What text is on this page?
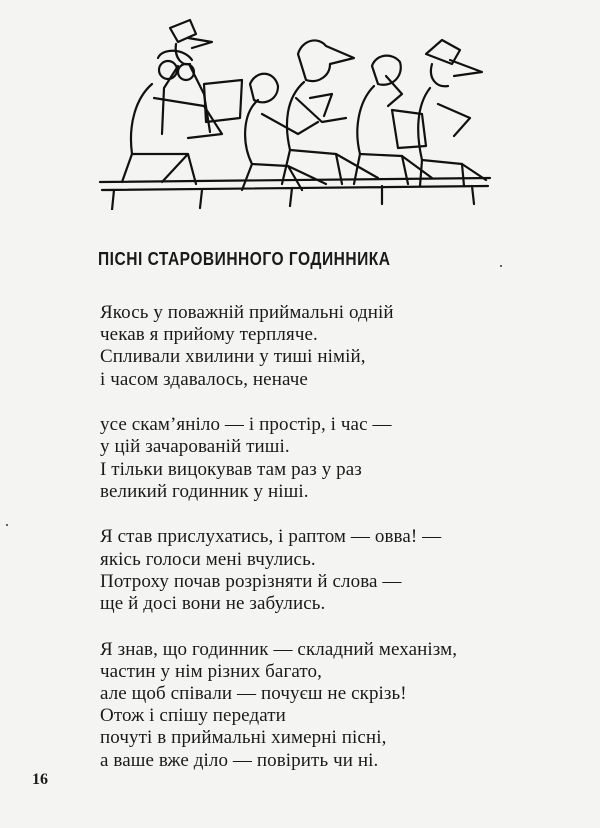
ПІСНІ СТАРОВИННОГО ГОДИННИКА
Якось у поважній приймальні одній
чекав я прийому терпляче.
Спливали хвилини у тиші німій,
і часом здавалось, неначе
усе скам’яніло — і простір, і час —
у цій зачарованій тиші.
І тільки вицокував там раз у раз
великий годинник у ніші.
Я став прислухатись, і раптом — овва! —
якісь голоси мені вчулись.
Потроху почав розрізняти й слова —
ще й досі вони не забулись.
Я знав, що годинник — складний механізм,
частин у нім різних багато,
але щоб співали — почуєш не скрізь!
Отож і спішу передати
почуті в приймальні химерні пісні,
а ваше вже діло — повірить чи ні.
16
